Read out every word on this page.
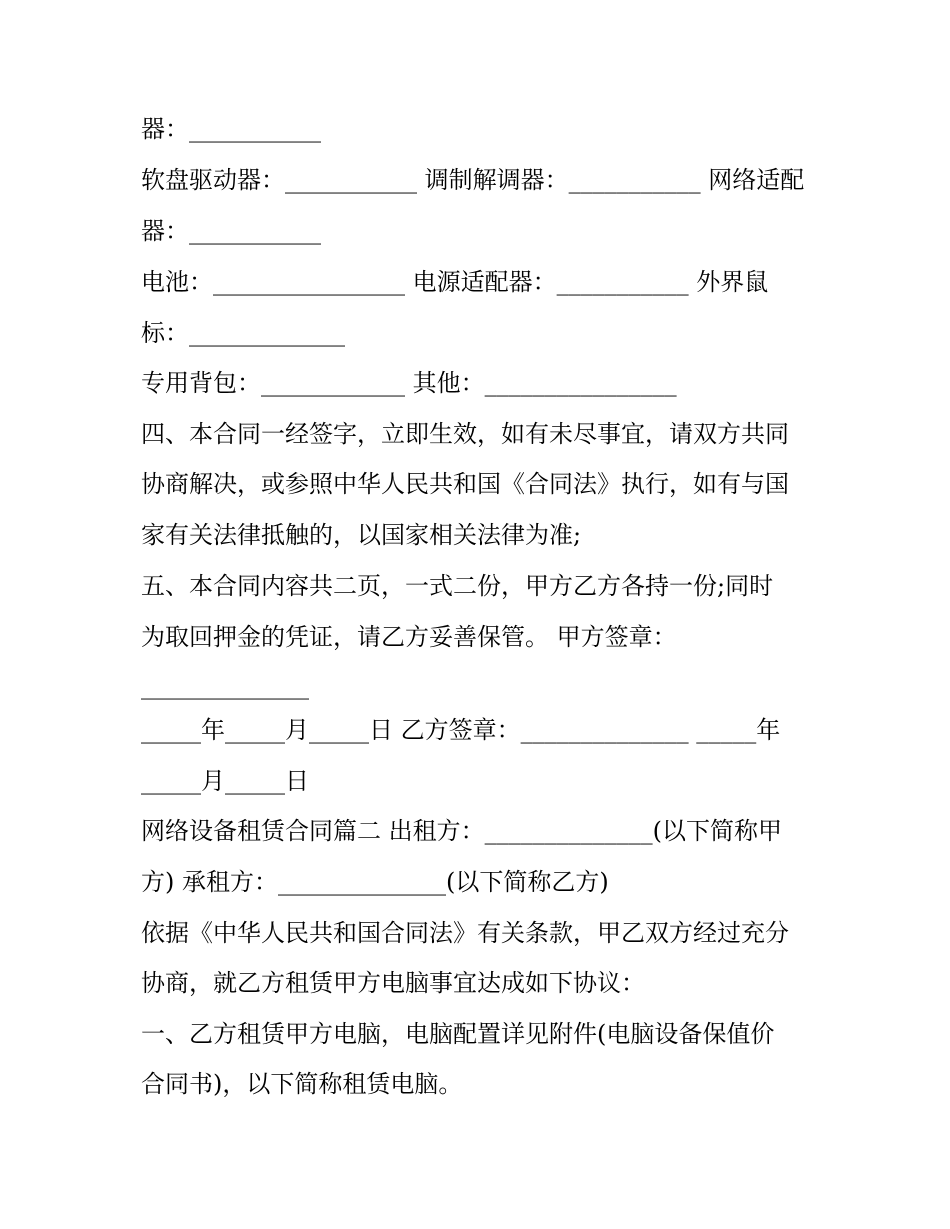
器：___________
软盘驱动器：___________ 调制解调器：___________ 网络适配
器：___________
电池：________________ 电源适配器：___________ 外界鼠
标：_____________
专用背包：____________ 其他：________________
四、本合同一经签字，立即生效，如有未尽事宜，请双方共同
协商解决，或参照中华人民共和国《合同法》执行，如有与国
家有关法律抵触的，以国家相关法律为准;
五、本合同内容共二页，一式二份，甲方乙方各持一份;同时
为取回押金的凭证，请乙方妥善保管。 甲方签章：
______________
_____年_____月_____日 乙方签章：______________ _____年
_____月_____日
网络设备租赁合同篇二 出租方：______________(以下简称甲
方) 承租方：______________(以下简称乙方)
依据《中华人民共和国合同法》有关条款，甲乙双方经过充分
协商，就乙方租赁甲方电脑事宜达成如下协议：
一、乙方租赁甲方电脑，电脑配置详见附件(电脑设备保值价
合同书)，以下简称租赁电脑。
